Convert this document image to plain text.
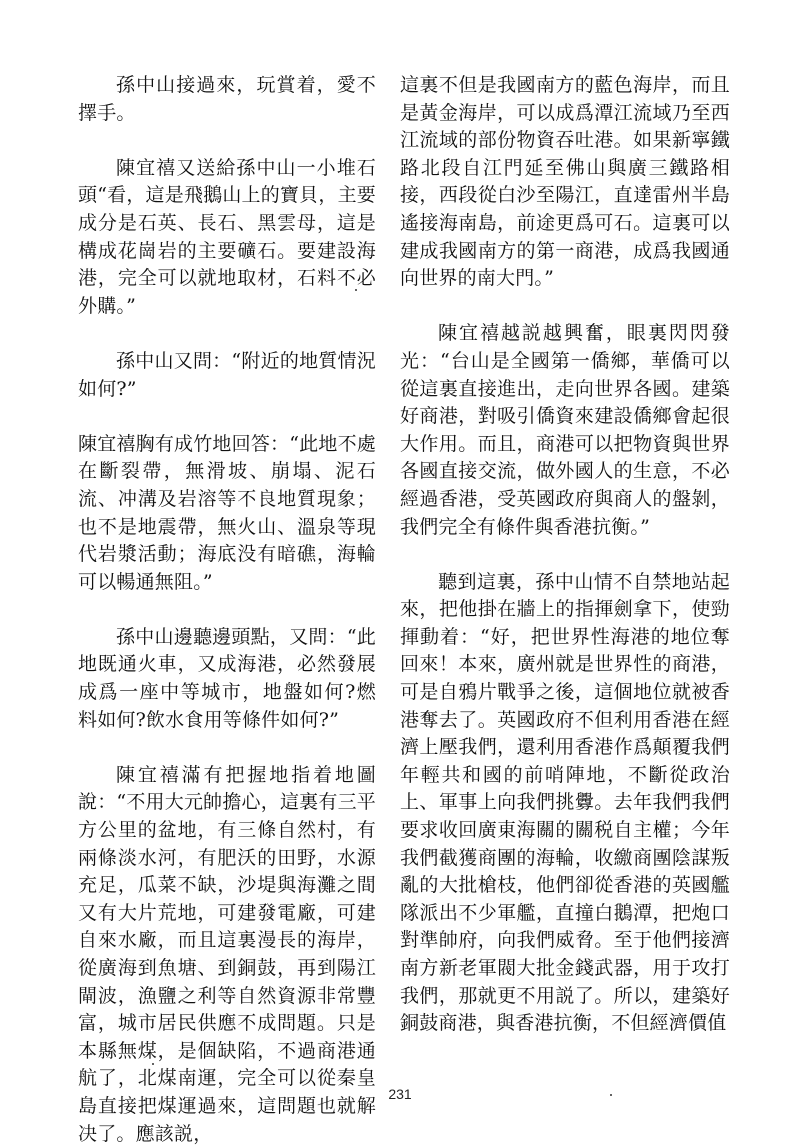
孫中山接過來，玩賞着，愛不擇手。

陳宜禧又送給孫中山一小堆石頭“看，這是飛鵝山上的寶貝，主要成分是石英、長石、黑雲母，這是構成花崗岩的主要礦石。要建設海港，完全可以就地取材，石料不必外購。”

孫中山又問：“附近的地質情況如何?”

陳宜禧胸有成竹地回答：“此地不處在斷裂帶，無滑坡、崩塌、泥石流、冲溝及岩溶等不良地質現象；也不是地震帶，無火山、溫泉等現代岩漿活動；海底没有暗礁，海輪可以暢通無阻。”

孫中山邊聽邊頭點，又問：“此地既通火車，又成海港，必然發展成爲一座中等城市，地盤如何?燃料如何?飲水食用等條件如何?”

陳宜禧滿有把握地指着地圖說：“不用大元帥擔心，這裏有三平方公里的盆地，有三條自然村，有兩條淡水河，有肥沃的田野，水源充足，瓜菜不缺，沙堤與海灘之間又有大片荒地，可建發電廠，可建自來水廠，而且這裏漫長的海岸，從廣海到魚塘、到銅鼓，再到陽江閘波，漁鹽之利等自然資源非常豐富，城市居民供應不成問題。只是本縣無煤，是個缺陷，不過商港通航了，北煤南運，完全可以從秦皇島直接把煤運過來，這問題也就解决了。應該説，

這裏不但是我國南方的藍色海岸，而且是黃金海岸，可以成爲潭江流域乃至西江流域的部份物資吞吐港。如果新寧鐵路北段自江門延至佛山與廣三鐵路相接，西段從白沙至陽江，直達雷州半島遙接海南島，前途更爲可石。這裏可以建成我國南方的第一商港，成爲我國通向世界的南大門。”

陳宜禧越説越興奮，眼裏閃閃發光：“台山是全國第一僑鄉，華僑可以從這裏直接進出，走向世界各國。建築好商港，對吸引僑資來建設僑鄉會起很大作用。而且，商港可以把物資與世界各國直接交流，做外國人的生意，不必經過香港，受英國政府與商人的盤剝，我們完全有條件與香港抗衡。”

聽到這裏，孫中山情不自禁地站起來，把他掛在牆上的指揮劍拿下，使勁揮動着：“好，把世界性海港的地位奪回來！本來，廣州就是世界性的商港，可是自鴉片戰爭之後，這個地位就被香港奪去了。英國政府不但利用香港在經濟上壓我們，還利用香港作爲顛覆我們年輕共和國的前哨陣地，不斷從政治上、軍事上向我們挑釁。去年我們我們要求收回廣東海關的關税自主權；今年我們截獲商團的海輪，收繳商團陰謀叛亂的大批槍枝，他們卻從香港的英國艦隊派出不少軍艦，直撞白鵝潭，把炮口對準帥府，向我們威脅。至于他們接濟南方新老軍閥大批金錢武器，用于攻打我們，那就更不用説了。所以，建築好銅鼓商港，與香港抗衡，不但經濟價值

231
